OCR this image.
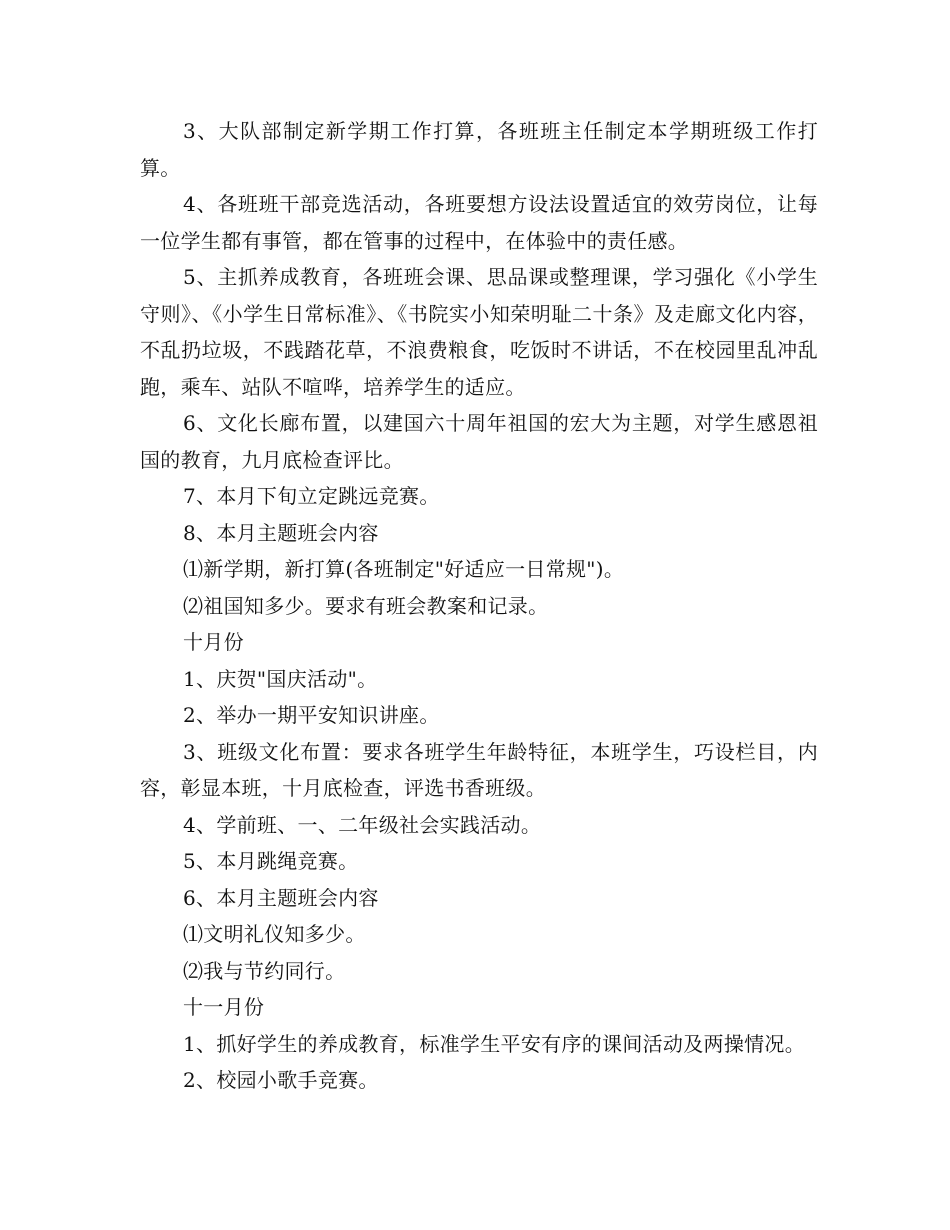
3、大队部制定新学期工作打算，各班班主任制定本学期班级工作打算。

4、各班班干部竞选活动，各班要想方设法设置适宜的效劳岗位，让每一位学生都有事管，都在管事的过程中，在体验中的责任感。

5、主抓养成教育，各班班会课、思品课或整理课，学习强化《小学生守则》、《小学生日常标准》、《书院实小知荣明耻二十条》及走廊文化内容，不乱扔垃圾，不践踏花草，不浪费粮食，吃饭时不讲话，不在校园里乱冲乱跑，乘车、站队不喧哗，培养学生的适应。

6、文化长廊布置，以建国六十周年祖国的宏大为主题，对学生感恩祖国的教育，九月底检查评比。

7、本月下旬立定跳远竞赛。

8、本月主题班会内容

⑴新学期，新打算(各班制定"好适应一日常规")。

⑵祖国知多少。要求有班会教案和记录。

十月份

1、庆贺"国庆活动"。

2、举办一期平安知识讲座。

3、班级文化布置：要求各班学生年龄特征，本班学生，巧设栏目，内容，彰显本班，十月底检查，评选书香班级。

4、学前班、一、二年级社会实践活动。

5、本月跳绳竞赛。

6、本月主题班会内容

⑴文明礼仪知多少。

⑵我与节约同行。

十一月份

1、抓好学生的养成教育，标准学生平安有序的课间活动及两操情况。

2、校园小歌手竞赛。
